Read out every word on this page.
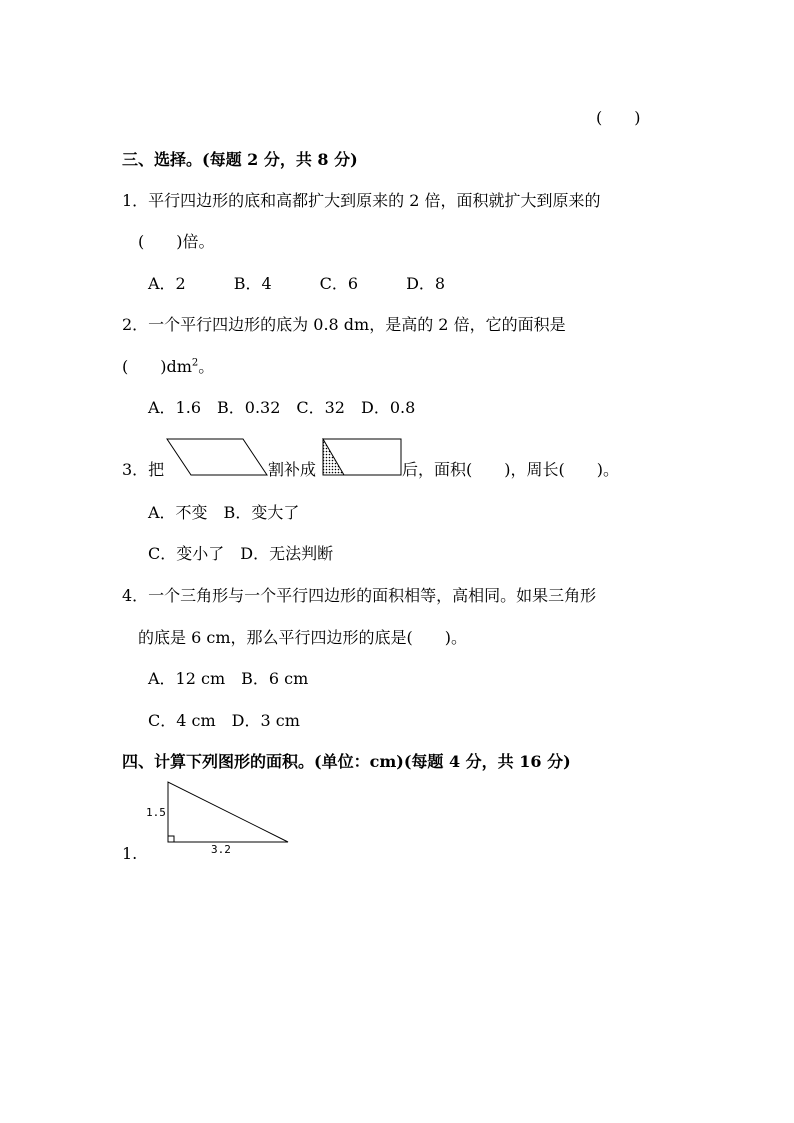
(　　)
三、选择。(每题 2 分，共 8 分)
1．平行四边形的底和高都扩大到原来的 2 倍，面积就扩大到原来的
(　　)倍。
A．2　　　B．4　　　C．6　　　D．8
2．一个平行四边形的底为 0.8 dm，是高的 2 倍，它的面积是
(　　)$dm^2$。
A．1.6　B．0.32　C．32　D．0.8
3．把	割补成	后，面积(　　)，周长(　　)。
A．不变　B．变大了
C．变小了　D．无法判断
4．一个三角形与一个平行四边形的面积相等，高相同。如果三角形
的底是 6 cm，那么平行四边形的底是(　　)。
A．12 cm　B．6 cm
C．4 cm　D．3 cm
四、计算下列图形的面积。(单位：cm)(每题 4 分，共 16 分)
1.5
3.2
1.
